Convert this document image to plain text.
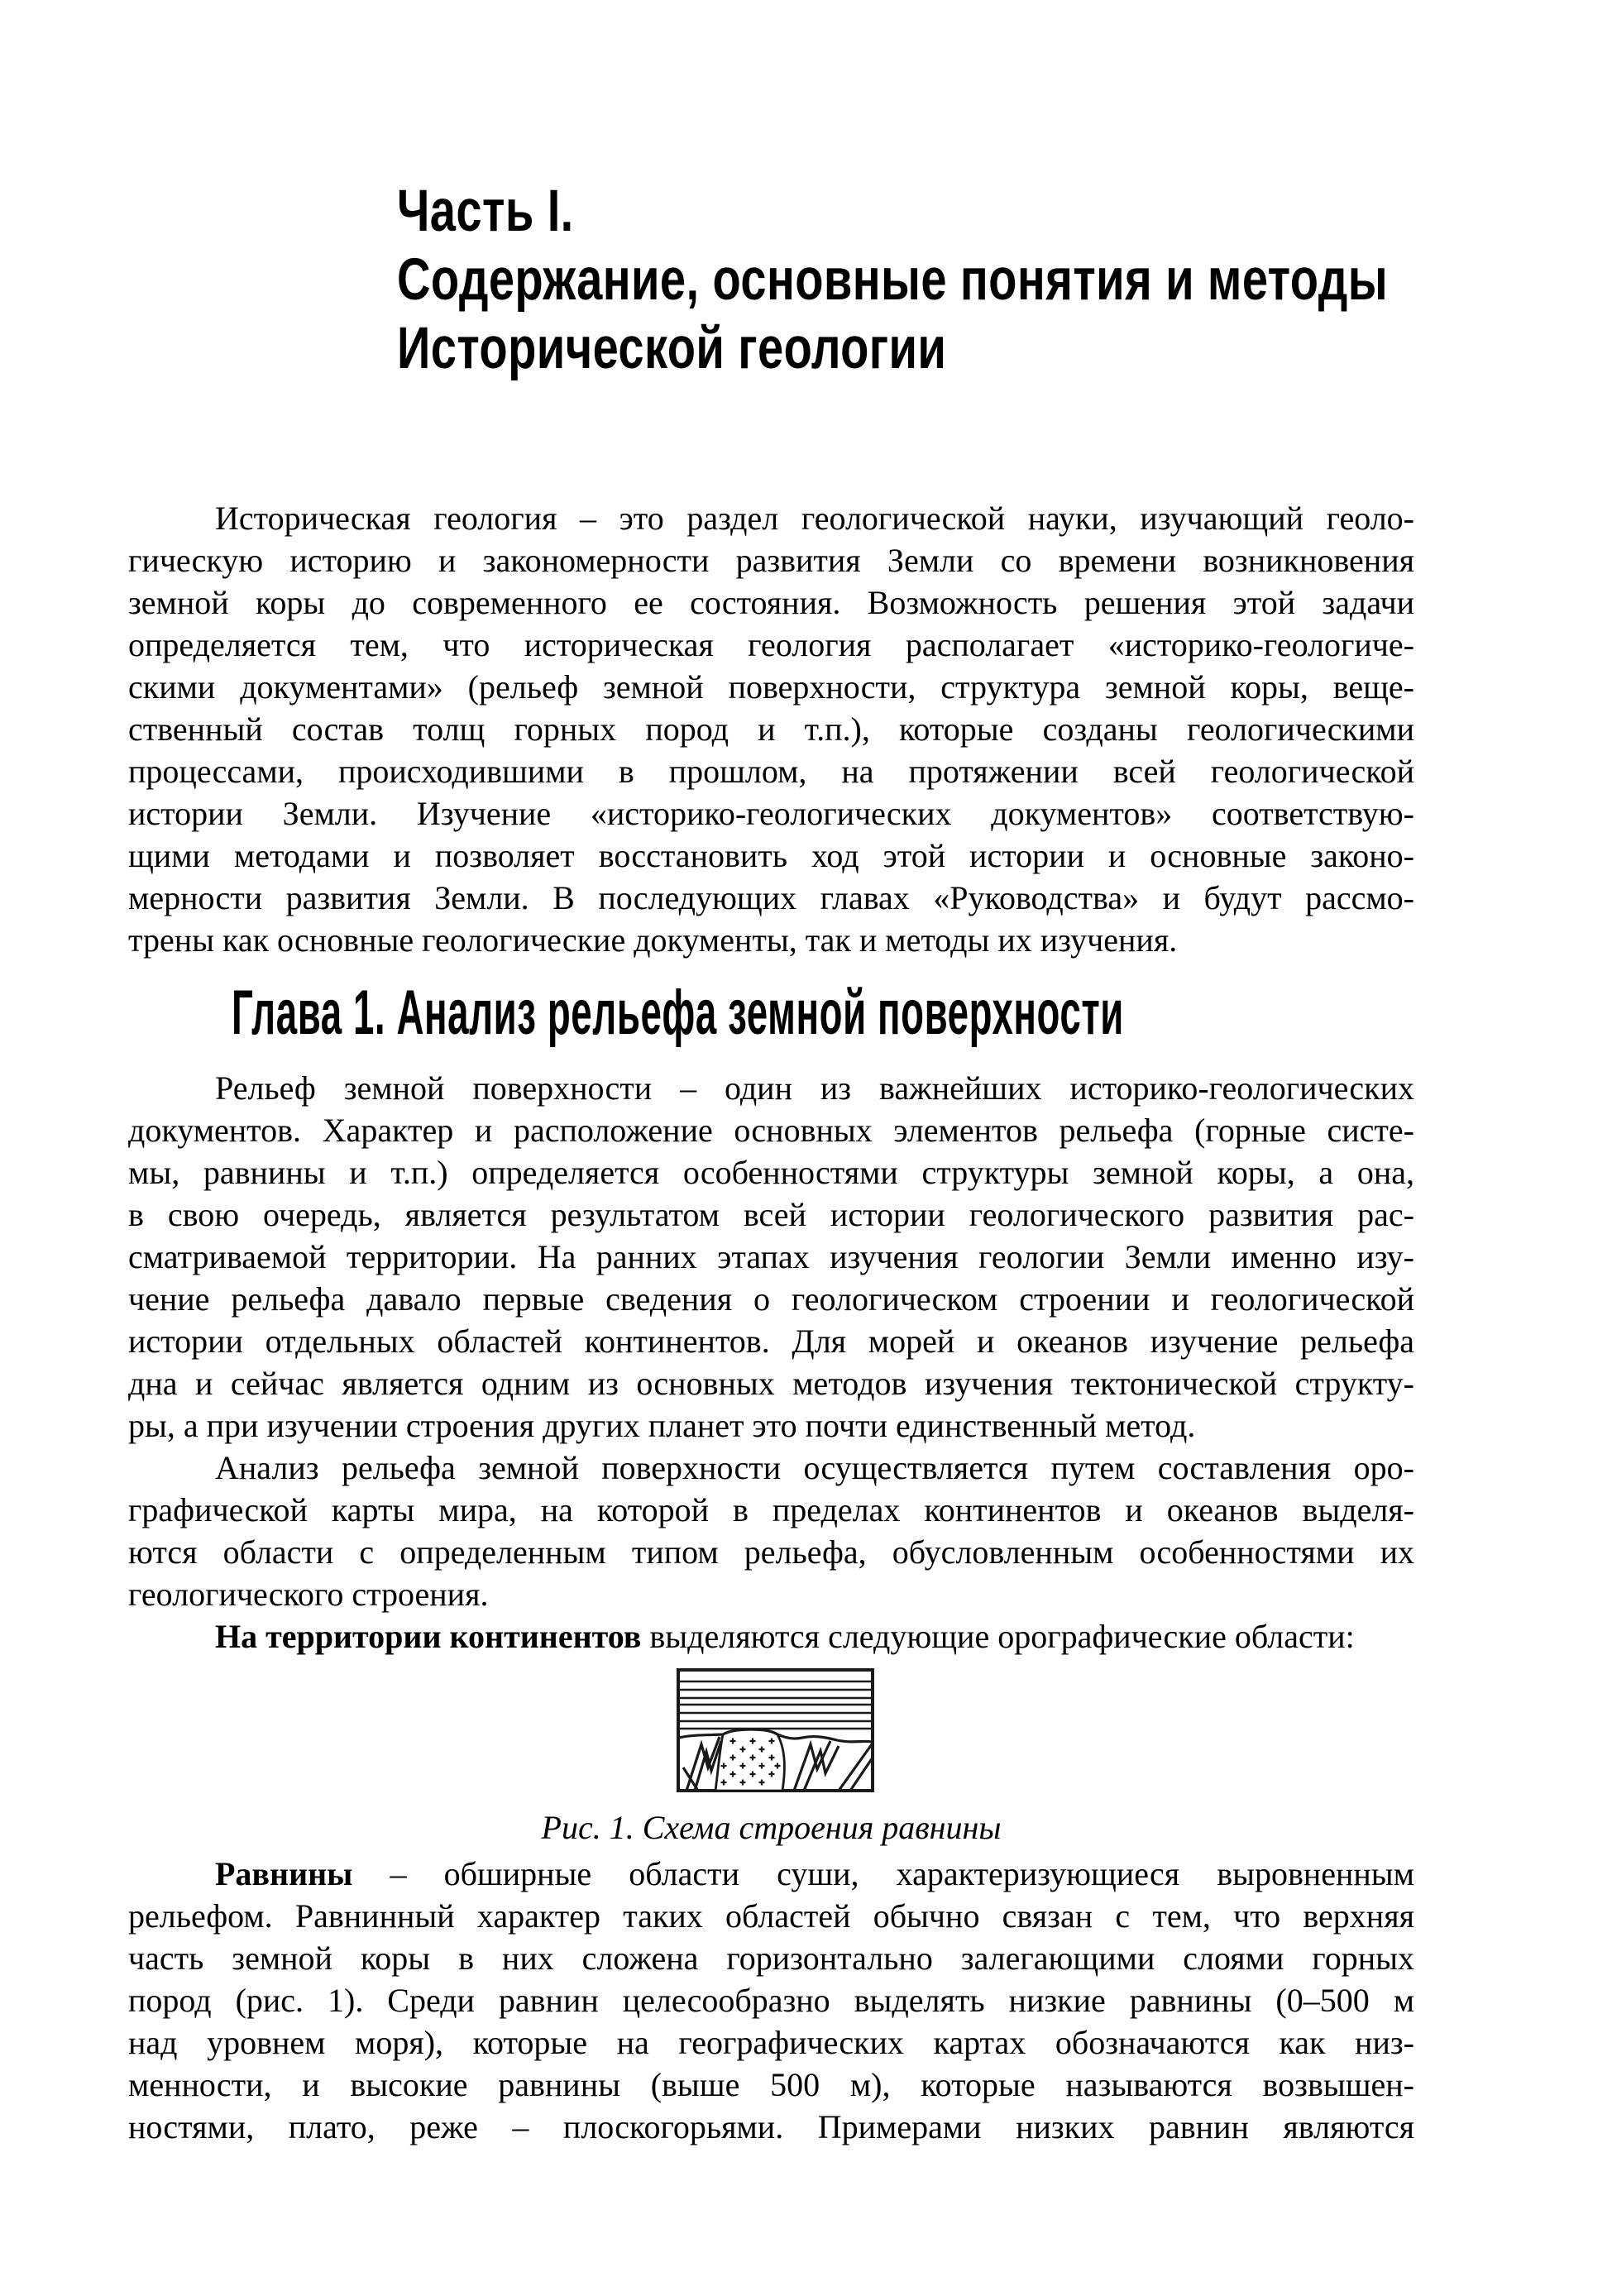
Часть I.
Содержание, основные понятия и методы
Исторической геологии
Историческая геология – это раздел геологической науки, изучающий геоло-
гическую историю и закономерности развития Земли со времени возникновения
земной коры до современного ее состояния. Возможность решения этой задачи
определяется тем, что историческая геология располагает «историко-геологиче-
скими документами» (рельеф земной поверхности, структура земной коры, веще-
ственный состав толщ горных пород и т.п.), которые созданы геологическими
процессами, происходившими в прошлом, на протяжении всей геологической
истории Земли. Изучение «историко-геологических документов» соответствую-
щими методами и позволяет восстановить ход этой истории и основные законо-
мерности развития Земли. В последующих главах «Руководства» и будут рассмо-
трены как основные геологические документы, так и методы их изучения.
Глава 1. Анализ рельефа земной поверхности
Рельеф земной поверхности – один из важнейших историко-геологических
документов. Характер и расположение основных элементов рельефа (горные систе-
мы, равнины и т.п.) определяется особенностями структуры земной коры, а она,
в свою очередь, является результатом всей истории геологического развития рас-
сматриваемой территории. На ранних этапах изучения геологии Земли именно изу-
чение рельефа давало первые сведения о геологическом строении и геологической
истории отдельных областей континентов. Для морей и океанов изучение рельефа
дна и сейчас является одним из основных методов изучения тектонической структу-
ры, а при изучении строения других планет это почти единственный метод.
Анализ рельефа земной поверхности осуществляется путем составления оро-
графической карты мира, на которой в пределах континентов и океанов выделя-
ются области с определенным типом рельефа, обусловленным особенностями их
геологического строения.
На территории континентов выделяются следующие орографические области:
Рис. 1. Схема строения равнины
Равнины – обширные области суши, характеризующиеся выровненным
рельефом. Равнинный характер таких областей обычно связан с тем, что верхняя
часть земной коры в них сложена горизонтально залегающими слоями горных
пород (рис. 1). Среди равнин целесообразно выделять низкие равнины (0–500 м
над уровнем моря), которые на географических картах обозначаются как низ-
менности, и высокие равнины (выше 500 м), которые называются возвышен-
ностями, плато, реже – плоскогорьями. Примерами низких равнин являются
